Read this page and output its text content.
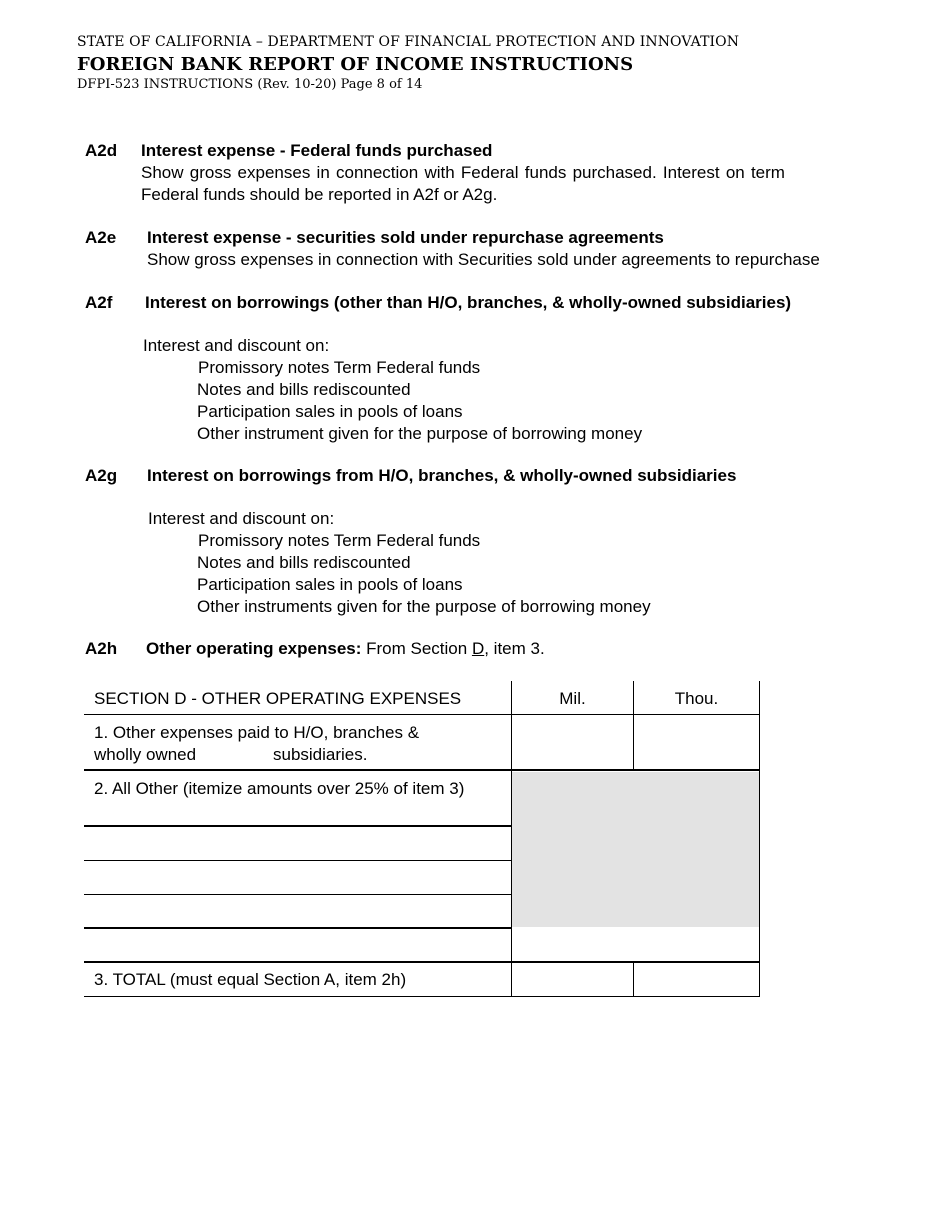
STATE OF CALIFORNIA – DEPARTMENT OF FINANCIAL PROTECTION AND INNOVATION
FOREIGN BANK REPORT OF INCOME INSTRUCTIONS
DFPI-523 INSTRUCTIONS (Rev. 10-20) Page 8 of 14
A2d Interest expense - Federal funds purchased
Show gross expenses in connection with Federal funds purchased. Interest on term
Federal funds should be reported in A2f or A2g.
A2e Interest expense - securities sold under repurchase agreements
Show gross expenses in connection with Securities sold under agreements to repurchase
A2f Interest on borrowings (other than H/O, branches, & wholly-owned subsidiaries)
Interest and discount on:
Promissory notes Term Federal funds
Notes and bills rediscounted
Participation sales in pools of loans
Other instrument given for the purpose of borrowing money
A2g Interest on borrowings from H/O, branches, & wholly-owned subsidiaries
Interest and discount on:
Promissory notes Term Federal funds
Notes and bills rediscounted
Participation sales in pools of loans
Other instruments given for the purpose of borrowing money
A2h Other operating expenses: From Section D, item 3.
SECTION D - OTHER OPERATING EXPENSES	Mil.	Thou.
1. Other expenses paid to H/O, branches &
wholly owned	subsidiaries.
2. All Other (itemize amounts over 25% of item 3)
3. TOTAL (must equal Section A, item 2h)
